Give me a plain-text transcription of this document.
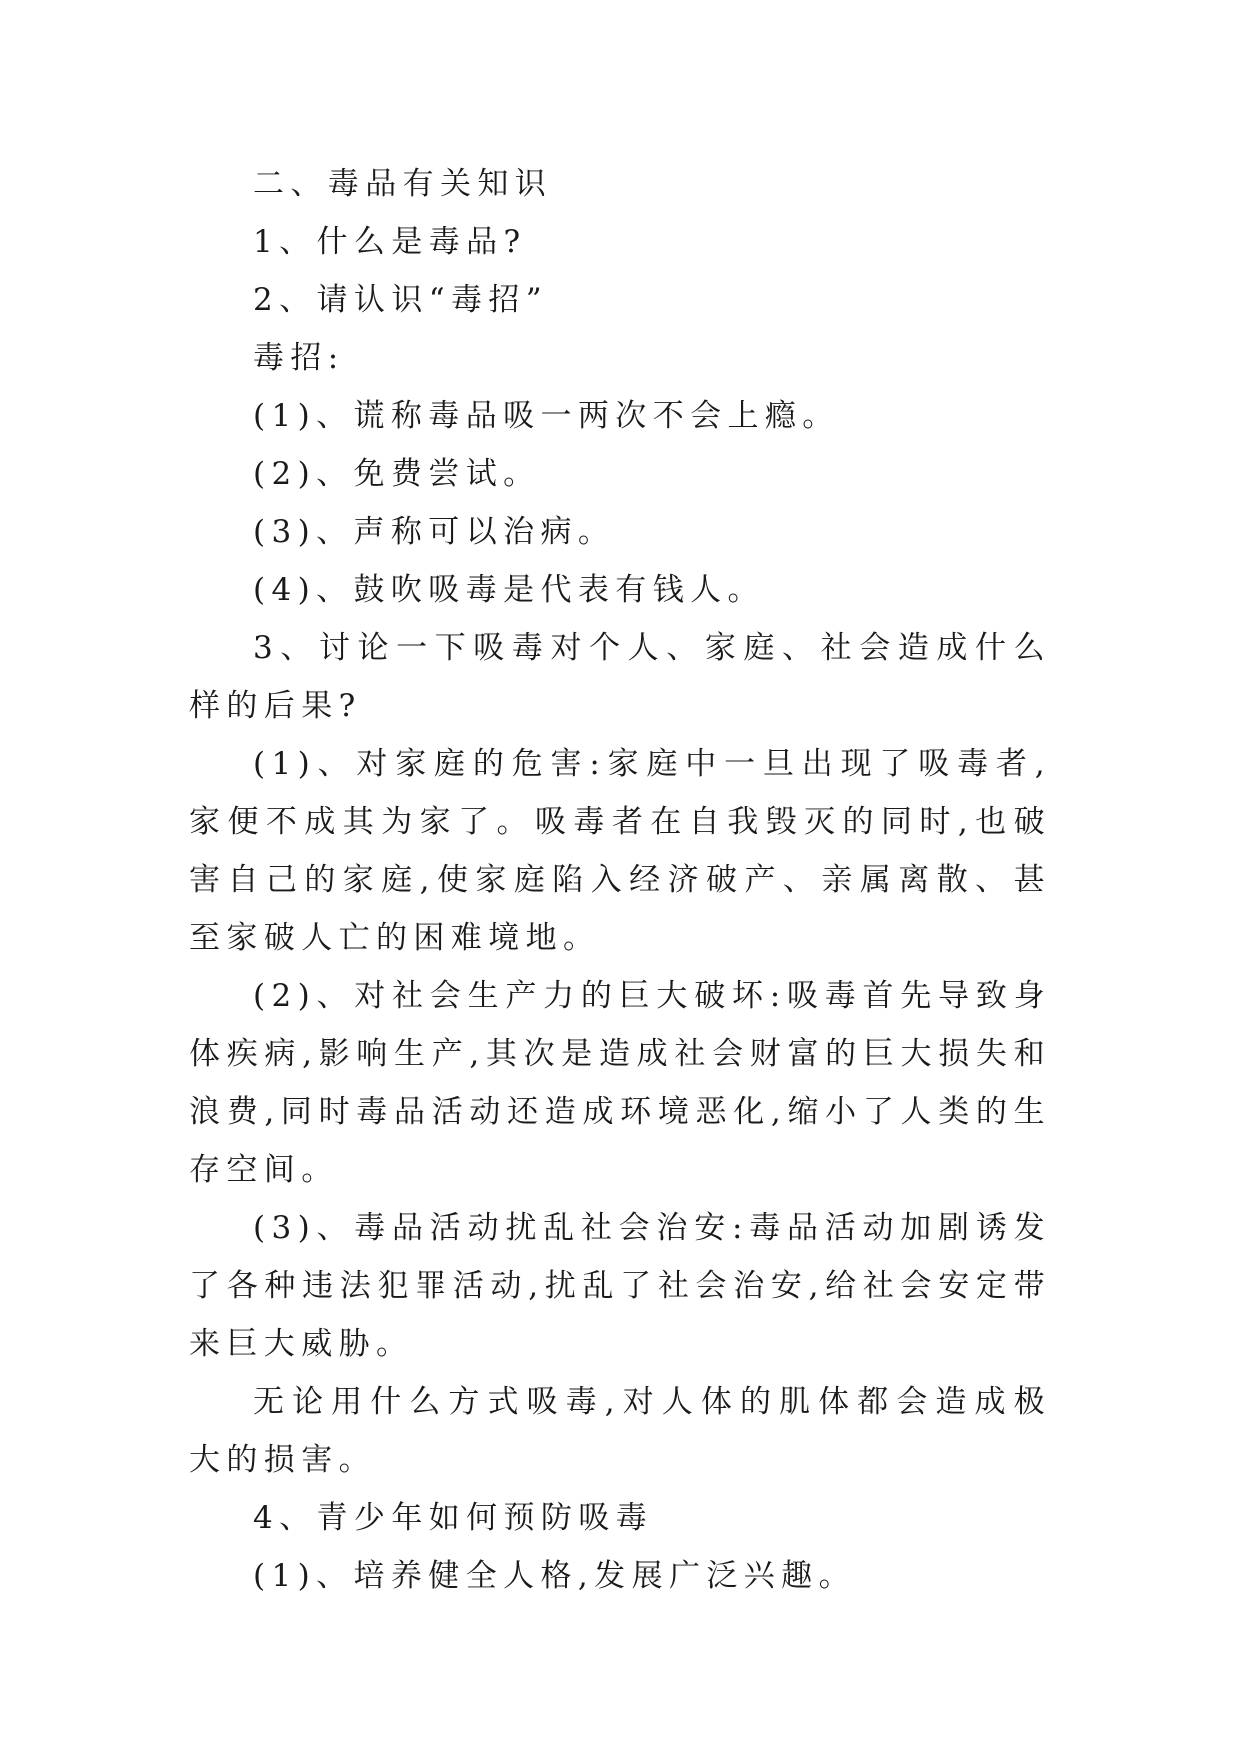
二、毒品有关知识

1、什么是毒品?

2、请认识“毒招”

毒招:

(1)、谎称毒品吸一两次不会上瘾。

(2)、免费尝试。

(3)、声称可以治病。

(4)、鼓吹吸毒是代表有钱人。

3、讨论一下吸毒对个人、家庭、社会造成什么样的后果?

(1)、对家庭的危害:家庭中一旦出现了吸毒者,家便不成其为家了。吸毒者在自我毁灭的同时,也破害自己的家庭,使家庭陷入经济破产、亲属离散、甚至家破人亡的困难境地。

(2)、对社会生产力的巨大破坏:吸毒首先导致身体疾病,影响生产,其次是造成社会财富的巨大损失和浪费,同时毒品活动还造成环境恶化,缩小了人类的生存空间。

(3)、毒品活动扰乱社会治安:毒品活动加剧诱发了各种违法犯罪活动,扰乱了社会治安,给社会安定带来巨大威胁。

无论用什么方式吸毒,对人体的肌体都会造成极大的损害。

4、青少年如何预防吸毒

(1)、培养健全人格,发展广泛兴趣。
